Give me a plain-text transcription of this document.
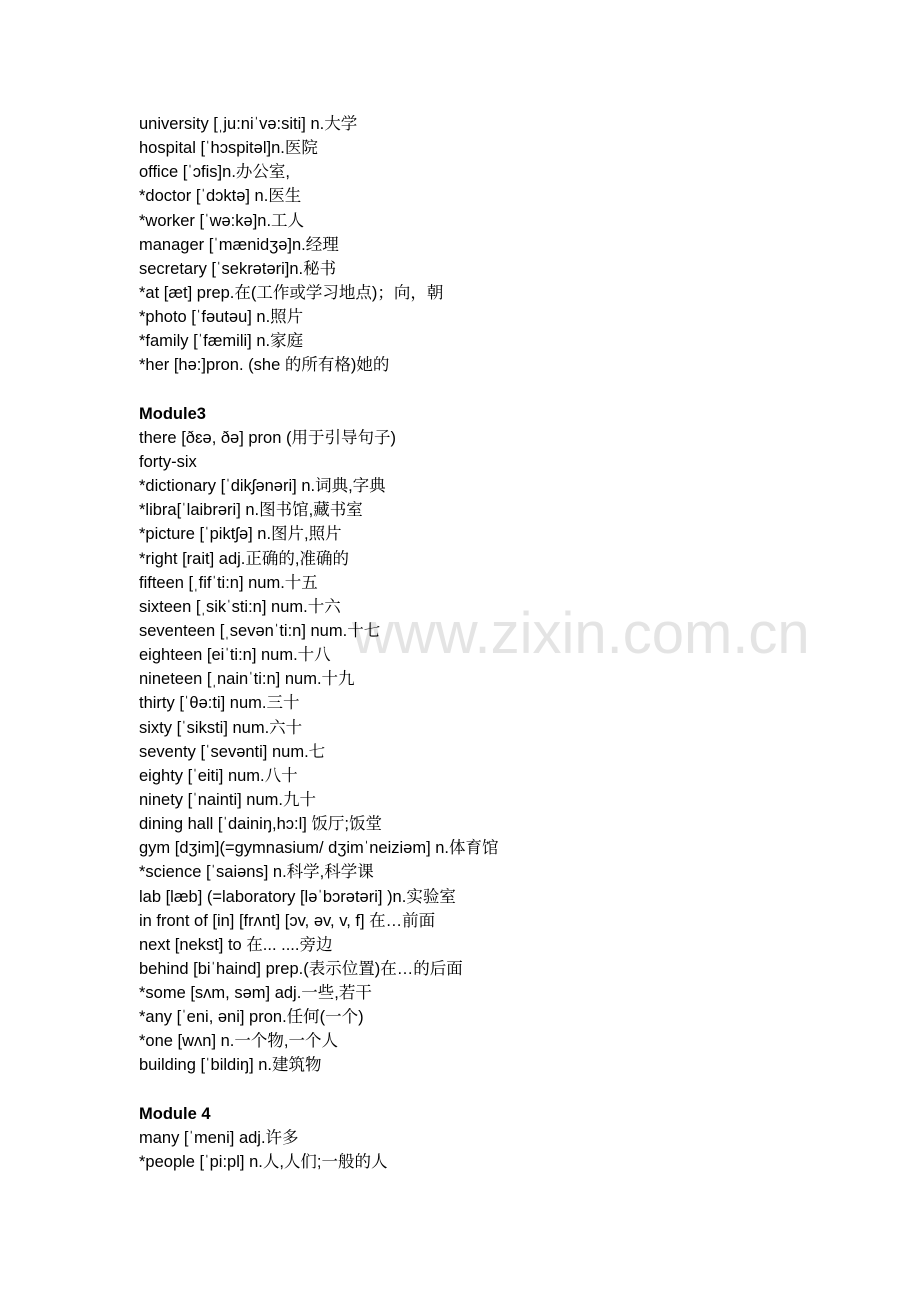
www.zixin.com.cn
university [ˌju:niˈvə:siti] n.大学
hospital [ˈhɔspitəl]n.医院
office [ˈɔfis]n.办公室,
*doctor [ˈdɔktə] n.医生
*worker [ˈwə:kə]n.工人
manager [ˈmænidʒə]n.经理
secretary [ˈsekrətəri]n.秘书
*at [æt] prep.在(工作或学习地点)；向，朝
*photo [ˈfəutəu] n.照片
*family [ˈfæmili] n.家庭
*her [hə:]pron. (she 的所有格)她的
Module3
there [ðɛə, ðə] pron (用于引导句子)
forty-six
*dictionary [ˈdikʃənəri] n.词典,字典
*libra[ˈlaibrəri] n.图书馆,藏书室
*picture [ˈpiktʃə] n.图片,照片
*right [rait] adj.正确的,准确的
fifteen [ˌfifˈti:n] num.十五
sixteen [ˌsikˈsti:n] num.十六
seventeen [ˌsevənˈti:n] num.十七
eighteen [eiˈti:n] num.十八
nineteen [ˌnainˈti:n] num.十九
thirty [ˈθə:ti] num.三十
sixty [ˈsiksti] num.六十
seventy [ˈsevənti] num.七
eighty [ˈeiti] num.八十
ninety [ˈnainti] num.九十
dining hall [ˈdainiŋ,hɔ:l] 饭厅;饭堂
gym [dʒim](=gymnasium/ dʒimˈneiziəm] n.体育馆
*science [ˈsaiəns] n.科学,科学课
lab [læb] (=laboratory [ləˈbɔrətəri] )n.实验室
in front of [in] [frʌnt] [ɔv, əv, v, f] 在…前面
next [nekst] to 在... ....旁边
behind [biˈhaind] prep.(表示位置)在…的后面
*some [sʌm, səm] adj.一些,若干
*any [ˈeni, əni] pron.任何(一个)
*one [wʌn] n.一个物,一个人
building [ˈbildiŋ] n.建筑物
Module 4
many [ˈmeni] adj.许多
*people [ˈpi:pl] n.人,人们;一般的人
